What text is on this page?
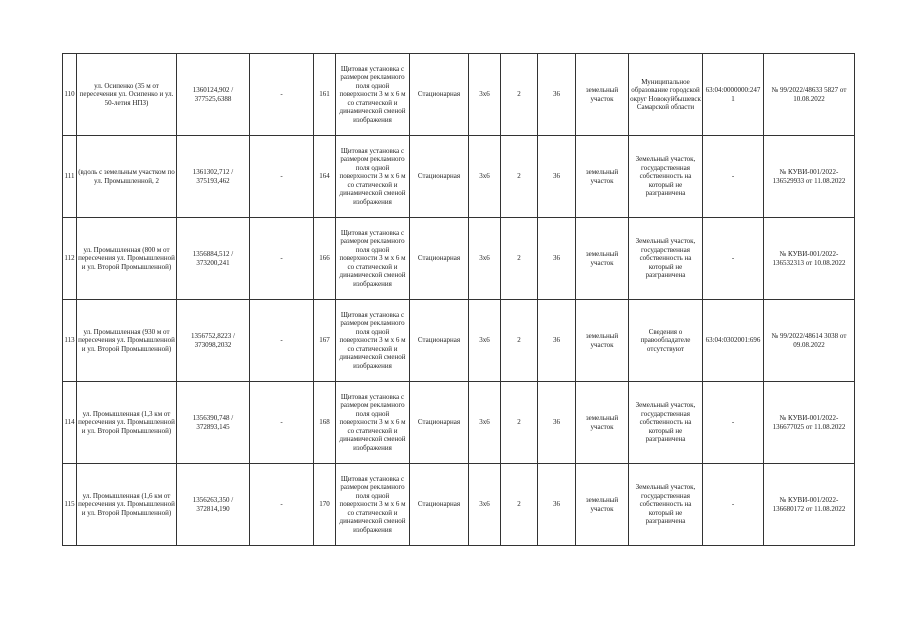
110	ул. Осипенко (35 м от пересечения ул. Осипенко и ул. 50-летия НПЗ)	1360124,902 / 377525,6388	-	161	Щитовая установка с размером рекламного поля одной поверхности 3 м х 6 м со статической и динамической сменой изображения	Стационарная	3x6	2	36	земельный участок	Муниципальное образование городской округ Новокуйбышевск Самарской области	63:04:0000000:2471	№ 99/2022/48633 5827 от 10.08.2022

111	(вдоль с земельным участком по ул. Промышленной, 2	1361302,712 / 375193,462	-	164	Щитовая установка с размером рекламного поля одной поверхности 3 м х 6 м со статической и динамической сменой изображения	Стационарная	3x6	2	36	земельный участок	Земельный участок, государственная собственность на который не разграничена	-	№ КУВИ-001/2022-136529933 от 11.08.2022

112	ул. Промышленная (800 м от пересечения ул. Промышленной и ул. Второй Промышленной)	1356884,512 / 373200,241	-	166	Щитовая установка с размером рекламного поля одной поверхности 3 м х 6 м со статической и динамической сменой изображения	Стационарная	3x6	2	36	земельный участок	Земельный участок, государственная собственность на который не разграничена	-	№ КУВИ-001/2022-136532313 от 10.08.2022

113	ул. Промышленная (930 м от пересечения ул. Промышленной и ул. Второй Промышленной)	1356752,8223 / 373098,2032	-	167	Щитовая установка с размером рекламного поля одной поверхности 3 м х 6 м со статической и динамической сменой изображения	Стационарная	3x6	2	36	земельный участок	Сведения о правообладателе отсутствуют	63:04:0302001:696	№ 99/2022/48614 3038 от 09.08.2022

114	ул. Промышленная (1,3 км от пересечения ул. Промышленной и ул. Второй Промышленной)	1356390,748 / 372893,145	-	168	Щитовая установка с размером рекламного поля одной поверхности 3 м х 6 м со статической и динамической сменой изображения	Стационарная	3x6	2	36	земельный участок	Земельный участок, государственная собственность на который не разграничена	-	№ КУВИ-001/2022-136677025 от 11.08.2022

115	ул. Промышленная (1,6 км от пересечения ул. Промышленной и ул. Второй Промышленной)	1356263,350 / 372814,190	-	170	Щитовая установка с размером рекламного поля одной поверхности 3 м х 6 м со статической и динамической сменой изображения	Стационарная	3x6	2	36	земельный участок	Земельный участок, государственная собственность на который не разграничена	-	№ КУВИ-001/2022-136680172 от 11.08.2022
